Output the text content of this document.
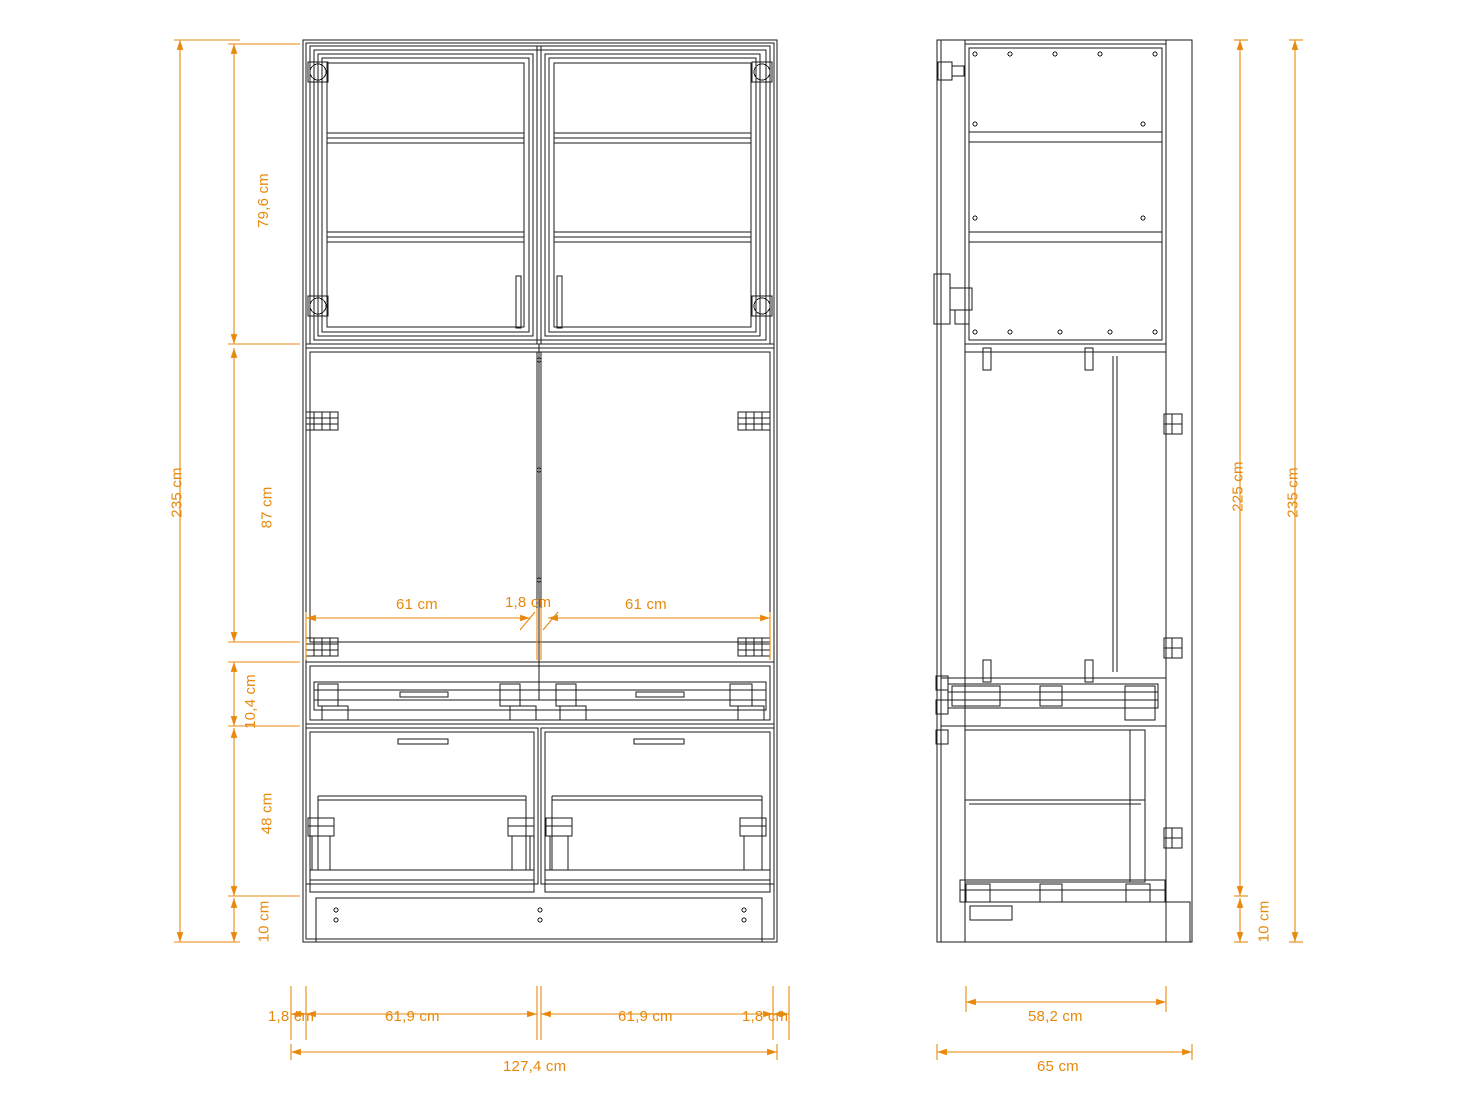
235 cm
79,6 cm
87 cm
10,4 cm
48 cm
10 cm
61 cm	1,8 cm	61 cm
1,8 cm	61,9 cm	61,9 cm	1,8 cm
127,4 cm
225 cm
10 cm
235 cm
58,2 cm
65 cm
